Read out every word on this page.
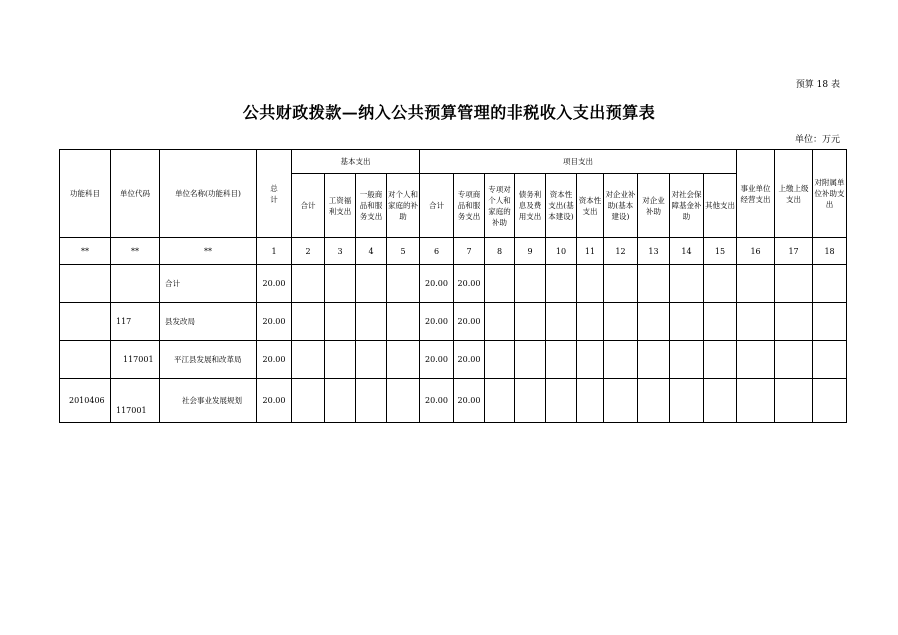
预算 18 表
公共财政拨款—纳入公共预算管理的非税收入支出预算表
单位：万元
功能科目	单位代码	单位名称(功能科目)	总计	基本支出				项目支出										事业单位经营支出	上缴上级支出	对附属单位补助支出
				合计	工资福利支出	一般商品和服务支出	对个人和家庭的补助	合计	专项商品和服务支出	专项对个人和家庭的补助	债务利息及费用支出	资本性支出(基本建设)	资本性支出	对企业补助(基本建设)	对企业补助	对社会保障基金补助	其他支出			
**	**	**	1	2	3	4	5	6	7	8	9	10	11	12	13	14	15	16	17	18
		合计	20.00					20.00	20.00											
	117	县发改局	20.00					20.00	20.00											
	117001	平江县发展和改革局	20.00					20.00	20.00											
2010406	117001	社会事业发展规划	20.00					20.00	20.00											
